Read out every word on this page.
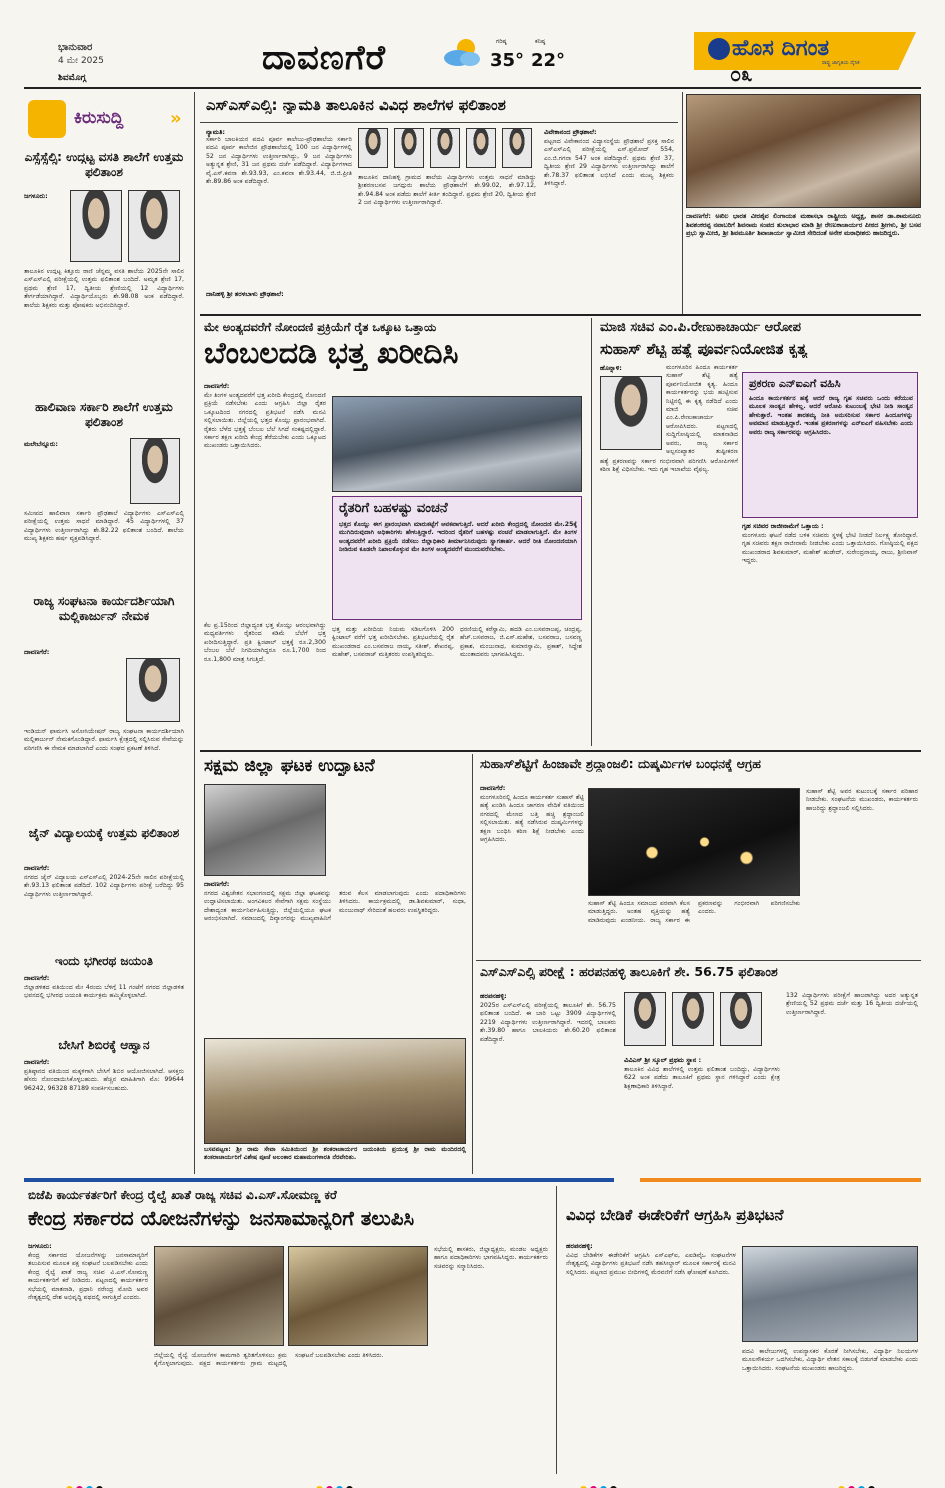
ಭಾನುವಾರ
4 ಮೇ 2025
ಶಿವಮೊಗ್ಗ	ದಾವಣಗೆರೆ	ಗರಿಷ್ಠ
35°
ಕನಿಷ್ಠ
22°	ಹೊಸ ದಿಗಂತ
ರಾಷ್ಟ್ರ ಜಾಗೃತಿಯ ದೈನಿಕ
೦೩
ಕಿರುಸುದ್ದಿ	»
ಎಸ್ಸೆಸ್ಸೆಲ್ಸಿ: ಉದ್ಗಟ್ಟ ವಸತಿ ಶಾಲೆಗೆ ಉತ್ತಮ ಫಲಿತಾಂಶ
ಜಗಳೂರು:
ತಾಲೂಕಿನ ಉದ್ಗಟ್ಟ ಕಿತ್ತೂರು ರಾಣಿ ಚೆನ್ನಮ್ಮ ವಸತಿ ಶಾಲೆಯ 2025ನೇ ಸಾಲಿನ ಎಸ್ಎಸ್ಎಲ್ಸಿ ಪರೀಕ್ಷೆಯಲ್ಲಿ ಉತ್ತಮ ಫಲಿತಾಂಶ ಬಂದಿದೆ. ಅಮೃತ ಶ್ರೇಣಿ 17, ಪ್ರಥಮ ಶ್ರೇಣಿ 17, ದ್ವಿತೀಯ ಶ್ರೇಣಿಯಲ್ಲಿ 12 ವಿದ್ಯಾರ್ಥಿಗಳು ತೇರ್ಗಡೆಯಾಗಿದ್ದಾರೆ. ವಿದ್ಯಾರ್ಥಿಯೊಬ್ಬರು ಶೇ.98.08 ಅಂಕ ಪಡೆದಿದ್ದಾರೆ. ಶಾಲೆಯ ಶಿಕ್ಷಕರು ಮತ್ತು ಪೋಷಕರು ಅಭಿನಂದಿಸಿದ್ದಾರೆ.
ಹಾಲಿವಾಣ ಸರ್ಕಾರಿ ಶಾಲೆಗೆ ಉತ್ತಮ ಫಲಿತಾಂಶ
ಮಲೇಬೆನ್ನೂರು:
ಸಮೀಪದ ಹಾಲಿವಾಣ ಸರ್ಕಾರಿ ಪ್ರೌಢಶಾಲೆ ವಿದ್ಯಾರ್ಥಿಗಳು ಎಸ್ಎಸ್ಎಲ್ಸಿ ಪರೀಕ್ಷೆಯಲ್ಲಿ ಉತ್ತಮ ಸಾಧನೆ ಮಾಡಿದ್ದಾರೆ. 45 ವಿದ್ಯಾರ್ಥಿಗಳಲ್ಲಿ 37 ವಿದ್ಯಾರ್ಥಿಗಳು ಉತ್ತೀರ್ಣರಾಗಿದ್ದು ಶೇ.82.22 ಫಲಿತಾಂಶ ಬಂದಿದೆ. ಶಾಲೆಯ ಮುಖ್ಯ ಶಿಕ್ಷಕರು ಹರ್ಷ ವ್ಯಕ್ತಪಡಿಸಿದ್ದಾರೆ.
ರಾಜ್ಯ ಸಂಘಟನಾ ಕಾರ್ಯದರ್ಶಿಯಾಗಿ ಮಲ್ಲಿಕಾರ್ಜುನ್ ನೇಮಕ
ದಾವಣಗೆರೆ:
ಇಂಡಿಯನ್ ಫಾರ್ಮಸಿ ಅಸೋಸಿಯೇಷನ್ ರಾಜ್ಯ ಸಂಘಟನಾ ಕಾರ್ಯದರ್ಶಿಯಾಗಿ ಮಲ್ಲಿಕಾರ್ಜುನ್ ನೇಮಕಗೊಂಡಿದ್ದಾರೆ. ಫಾರ್ಮಸಿ ಕ್ಷೇತ್ರದಲ್ಲಿ ಸಲ್ಲಿಸಿರುವ ಸೇವೆಯನ್ನು ಪರಿಗಣಿಸಿ ಈ ನೇಮಕ ಮಾಡಲಾಗಿದೆ ಎಂದು ಸಂಘದ ಪ್ರಕಟಣೆ ತಿಳಿಸಿದೆ.
ಜೈನ್ ವಿದ್ಯಾಲಯಕ್ಕೆ ಉತ್ತಮ ಫಲಿತಾಂಶ
ದಾವಣಗೆರೆ:
ನಗರದ ಜೈನ್ ವಿದ್ಯಾಲಯ ಎಸ್ಎಸ್ಎಲ್ಸಿ 2024-25ನೇ ಸಾಲಿನ ಪರೀಕ್ಷೆಯಲ್ಲಿ ಶೇ.93.13 ಫಲಿತಾಂಶ ಪಡೆದಿದೆ. 102 ವಿದ್ಯಾರ್ಥಿಗಳು ಪರೀಕ್ಷೆ ಬರೆದಿದ್ದು 95 ವಿದ್ಯಾರ್ಥಿಗಳು ಉತ್ತೀರ್ಣರಾಗಿದ್ದಾರೆ.
ಇಂದು ಭಗೀರಥ ಜಯಂತಿ
ದಾವಣಗೆರೆ:
ಜಿಲ್ಲಾಡಳಿತದ ವತಿಯಿಂದ ಮೇ 4ರಂದು ಬೆಳಿಗ್ಗೆ 11 ಗಂಟೆಗೆ ನಗರದ ಜಿಲ್ಲಾಡಳಿತ ಭವನದಲ್ಲಿ ಭಗೀರಥ ಜಯಂತಿ ಕಾರ್ಯಕ್ರಮ ಹಮ್ಮಿಕೊಳ್ಳಲಾಗಿದೆ.
ಬೇಸಿಗೆ ಶಿಬಿರಕ್ಕೆ ಆಹ್ವಾನ
ದಾವಣಗೆರೆ:
ಪ್ರತಿಷ್ಠಾನದ ವತಿಯಿಂದ ಮಕ್ಕಳಿಗಾಗಿ ಬೇಸಿಗೆ ಶಿಬಿರ ಆಯೋಜಿಸಲಾಗಿದೆ. ಆಸಕ್ತರು ಹೆಸರು ನೋಂದಾಯಿಸಿಕೊಳ್ಳಬಹುದು. ಹೆಚ್ಚಿನ ಮಾಹಿತಿಗಾಗಿ ಮೊ: 99644 96242, 96328 87189 ಸಂಪರ್ಕಿಸಬಹುದು.
ಎಸ್ಎಸ್ಎಲ್ಸಿ: ನ್ಯಾಮತಿ ತಾಲೂಕಿನ ವಿವಿಧ ಶಾಲೆಗಳ ಫಲಿತಾಂಶ
ನ್ಯಾಮತಿ:
ಸರ್ಕಾರಿ ಬಾಲಕಿಯರ ಪದವಿ ಪೂರ್ವ ಕಾಲೇಜು-ಪ್ರೌಢಶಾಲೆಯ ಸರ್ಕಾರಿ ಪದವಿ ಪೂರ್ವ ಕಾಲೇಜಿನ ಪ್ರೌಢಶಾಲೆಯಲ್ಲಿ 100 ಜನ ವಿದ್ಯಾರ್ಥಿಗಳಲ್ಲಿ 52 ಜನ ವಿದ್ಯಾರ್ಥಿಗಳು ಉತ್ತೀರ್ಣರಾಗಿದ್ದು, 9 ಜನ ವಿದ್ಯಾರ್ಥಿಗಳು ಅತ್ಯುನ್ನತ ಶ್ರೇಣಿ, 31 ಜನ ಪ್ರಥಮ ದರ್ಜೆ ಪಡೆದಿದ್ದಾರೆ. ವಿದ್ಯಾರ್ಥಿಗಳಾದ ವೈ.ಎಸ್.ಕವನಾ ಶೇ.93.93, ಎಂ.ಕವನಾ ಶೇ.93.44, ಜಿ.ಜಿ.ಪ್ರೀತಿ ಶೇ.89.86 ಅಂಕ ಪಡೆದಿದ್ದಾರೆ.
ದಾನಿಹಳ್ಳಿ ಶ್ರೀ ತರಳಬಾಳು ಪ್ರೌಢಶಾಲೆ:
ತಾಲೂಕಿನ ದಾನಿಹಳ್ಳಿ ಗ್ರಾಮದ ಶಾಲೆಯ ವಿದ್ಯಾರ್ಥಿಗಳು ಉತ್ತಮ ಸಾಧನೆ ಮಾಡಿದ್ದು ಶ್ರೀಶರಣಬಸವ ಜಗದ್ಗುರು ಶಾಲೆಯ ಪ್ರೌಢಶಾಲೆಗೆ ಶೇ.99.02, ಶೇ.97.12, ಶೇ.94.84 ಅಂಕ ಪಡೆದು ಶಾಲೆಗೆ ಕೀರ್ತಿ ತಂದಿದ್ದಾರೆ. ಪ್ರಥಮ ಶ್ರೇಣಿ 20, ದ್ವಿತೀಯ ಶ್ರೇಣಿ 2 ಜನ ವಿದ್ಯಾರ್ಥಿಗಳು ಉತ್ತೀರ್ಣರಾಗಿದ್ದಾರೆ.
ವಿವೇಕಾನಂದ ಪ್ರೌಢಶಾಲೆ:
ಪಟ್ಟಣದ ವಿವೇಕಾನಂದ ವಿದ್ಯಾಸಂಸ್ಥೆಯ ಪ್ರೌಢಶಾಲೆ ಪ್ರಸಕ್ತ ಸಾಲಿನ ಎಸ್ಎಸ್ಎಲ್ಸಿ ಪರೀಕ್ಷೆಯಲ್ಲಿ ಎಸ್.ಪ್ರಮೋದ್ 554, ಎಂ.ಜಿ.ಗಗನಾ 547 ಅಂಕ ಪಡೆದಿದ್ದಾರೆ. ಪ್ರಥಮ ಶ್ರೇಣಿ 37, ದ್ವಿತೀಯ ಶ್ರೇಣಿ 29 ವಿದ್ಯಾರ್ಥಿಗಳು ಉತ್ತೀರ್ಣರಾಗಿದ್ದು ಶಾಲೆಗೆ ಶೇ.78.37 ಫಲಿತಾಂಶ ಲಭಿಸಿದೆ ಎಂದು ಮುಖ್ಯ ಶಿಕ್ಷಕರು ತಿಳಿಸಿದ್ದಾರೆ.
ದಾವಣಗೆರೆ: ಅಖಿಲ ಭಾರತ ವೀರಶೈವ ಲಿಂಗಾಯತ ಮಹಾಸಭಾ ರಾಷ್ಟ್ರೀಯ ಅಧ್ಯಕ್ಷ, ಶಾಸಕ ಡಾ.ಶಾಮನೂರು ಶಿವಶಂಕರಪ್ಪ ನವಾಬರಿಗೆ ಶಿವನಾಮ ಸಂಪದ ತುಲಾಭಾರ ಮಾಡಿ ಶ್ರೀ ರೇಣುಕಾಚಾರ್ಯರ ಪೀಠದ ಶ್ರೀಗಳು, ಶ್ರೀ ಬಸವ ಪ್ರಭು ಸ್ವಾಮೀಜಿ, ಶ್ರೀ ಶಿವಮೂರ್ತಿ ಶಿವಾಚಾರ್ಯ ಸ್ವಾಮೀಜಿ ಸೇರಿದಂತೆ ಅನೇಕ ಮಠಾಧೀಶರು ಹಾಜರಿದ್ದರು.
ಮೇ ಅಂತ್ಯದವರೆಗೆ ನೋಂದಣಿ ಪ್ರಕ್ರಿಯೆಗೆ ರೈತ ಒಕ್ಕೂಟ ಒತ್ತಾಯ
ಬೆಂಬಲದಡಿ ಭತ್ತ ಖರೀದಿಸಿ
ದಾವಣಗೆರೆ:
ಮೇ ತಿಂಗಳ ಅಂತ್ಯದವರೆಗೆ ಭತ್ತ ಖರೀದಿ ಕೇಂದ್ರದಲ್ಲಿ ನೋಂದಣಿ ಪ್ರಕ್ರಿಯೆ ನಡೆಸಬೇಕು ಎಂದು ಆಗ್ರಹಿಸಿ ಜಿಲ್ಲಾ ರೈತರ ಒಕ್ಕೂಟದಿಂದ ನಗರದಲ್ಲಿ ಪ್ರತಿಭಟನೆ ನಡೆಸಿ ಮನವಿ ಸಲ್ಲಿಸಲಾಯಿತು. ಜಿಲ್ಲೆಯಲ್ಲಿ ಭತ್ತದ ಕೊಯ್ಲು ಪ್ರಾರಂಭವಾಗಿದೆ. ರೈತರು ಬೆಳೆದ ಭತ್ತಕ್ಕೆ ಬೆಂಬಲ ಬೆಲೆ ಸಿಗದೆ ಸಂಕಷ್ಟದಲ್ಲಿದ್ದಾರೆ. ಸರ್ಕಾರ ತಕ್ಷಣ ಖರೀದಿ ಕೇಂದ್ರ ತೆರೆಯಬೇಕು ಎಂದು ಒಕ್ಕೂಟದ ಮುಖಂಡರು ಒತ್ತಾಯಿಸಿದರು.
ರೈತರಿಗೆ ಬಹಳಷ್ಟು ವಂಚನೆ
ಭತ್ತದ ಕೊಯ್ಲು ಈಗ ಪ್ರಾರಂಭವಾಗಿ ಮಾರುಕಟ್ಟೆಗೆ ಆವಕವಾಗುತ್ತಿದೆ. ಆದರೆ ಖರೀದಿ ಕೇಂದ್ರದಲ್ಲಿ ನೋಂದಣಿ ಮೇ.25ಕ್ಕೆ ಮುಗಿದಿರುವುದಾಗಿ ಅಧಿಕಾರಿಗಳು ಹೇಳುತ್ತಿದ್ದಾರೆ. ಇದರಿಂದ ರೈತರಿಗೆ ಬಹಳಷ್ಟು ವಂಚನೆ ಮಾಡಲಾಗುತ್ತಿದೆ. ಮೇ ತಿಂಗಳ ಅಂತ್ಯದವರೆಗೆ ಖರೀದಿ ಪ್ರಕ್ರಿಯೆ ನಡೆಸಲು ಜಿಲ್ಲಾಧಿಕಾರಿ ತೀರ್ಮಾನಿಸಿರುವುದು ಸ್ವಾಗತಾರ್ಹ. ಆದರೆ ರೀತಿ ನೋಂದಣಿಯಾಗಿ ನೀಡಿರುವ ಕೂಡಲೇ ನಿಖಾಲಕೊಳ್ಳುವ ಮೇ ತಿಂಗಳ ಅಂತ್ಯದವರೆಗೆ ಮುಂದುವರೆಸಬೇಕು.
ಕೆಲ ಪ್ರ.15ರಿಂದ ಜಿಲ್ಲಾದ್ಯಂತ ಭತ್ತ ಕೊಯ್ಲು ಆರಂಭವಾಗಿದ್ದು ಮಧ್ಯವರ್ತಿಗಳು ರೈತರಿಂದ ಕಡಿಮೆ ಬೆಲೆಗೆ ಭತ್ತ ಖರೀದಿಸುತ್ತಿದ್ದಾರೆ. ಪ್ರತಿ ಕ್ವಿಂಟಾಲ್ ಭತ್ತಕ್ಕೆ ರೂ.2,300 ಬೆಂಬಲ ಬೆಲೆ ನಿಗದಿಯಾಗಿದ್ದರೂ ರೂ.1,700 ರಿಂದ ರೂ.1,800 ಮಾತ್ರ ಸಿಗುತ್ತಿದೆ.
ಭತ್ತ ಮತ್ತು ಖರೀದಿಯ ನಿಯಮ ಸಡಿಲಗೊಳಿಸಿ 200 ಕ್ವಿಂಟಾಲ್ ವರೆಗೆ ಭತ್ತ ಖರೀದಿಸಬೇಕು. ಪ್ರತಿಭಟನೆಯಲ್ಲಿ ರೈತ ಮುಖಂಡರಾದ ಎಂ.ಬಸವರಾಜ ನಾಯ್ಕ, ಸತೀಶ್, ಶೇಖರಪ್ಪ, ಮಹೇಶ್, ಬಸವರಾಜ್ ಮತ್ತಿತರರು ಉಪಸ್ಥಿತರಿದ್ದರು.
ಧರಣಿಯಲ್ಲಿ ಕರೆಸ್ವಾಮಿ, ಹದಡಿ ಎಂ.ಬಸವರಾಜಪ್ಪ, ಚಂದ್ರಪ್ಪ, ಹೆಚ್.ಬಸವರಾಜ, ಜಿ.ಎಸ್.ಮಹೇಶ, ಬಸವರಾಜ, ಬಸವಣ್ಣ ಪ್ರಕಾಶ, ಮಂಜುನಾಥ, ಕುಮಾರಸ್ವಾಮಿ, ಪ್ರಕಾಶ್, ಸಿದ್ದೇಶ ಮುಂತಾದವರು ಭಾಗವಹಿಸಿದ್ದರು.
ಮಾಜಿ ಸಚಿವ ಎಂ.ಪಿ.ರೇಣುಕಾಚಾರ್ಯ ಆರೋಪ
ಸುಹಾಸ್ ಶೆಟ್ಟಿ ಹತ್ಯೆ ಪೂರ್ವನಿಯೋಜಿತ ಕೃತ್ಯ
ಹೊನ್ನಾಳಿ:	ಮಂಗಳೂರಿನ ಹಿಂದೂ ಕಾರ್ಯಕರ್ತ ಸುಹಾಸ್ ಶೆಟ್ಟಿ ಹತ್ಯೆ ಪೂರ್ವನಿಯೋಜಿತ ಕೃತ್ಯ. ಹಿಂದೂ ಕಾರ್ಯಕರ್ತರನ್ನು ಭಯ ಹುಟ್ಟಿಸುವ ನಿಟ್ಟಿನಲ್ಲಿ ಈ ಕೃತ್ಯ ನಡೆದಿದೆ ಎಂದು ಮಾಜಿ ಸಚಿವ ಎಂ.ಪಿ.ರೇಣುಕಾಚಾರ್ಯ ಆರೋಪಿಸಿದರು. ಪಟ್ಟಣದಲ್ಲಿ ಸುದ್ದಿಗೋಷ್ಠಿಯಲ್ಲಿ ಮಾತನಾಡಿದ ಅವರು, ರಾಜ್ಯ ಸರ್ಕಾರ ಅಲ್ಪಸಂಖ್ಯಾತರ ತುಷ್ಟೀಕರಣ
ಪ್ರಕರಣ ಎನ್ಐಎಗೆ ವಹಿಸಿ
ಹಿಂದೂ ಕಾರ್ಯಕರ್ತನ ಹತ್ಯೆ ಆದರೆ ರಾಜ್ಯ ಗೃಹ ಸಚಿವರು ಒಂದು ಕರೆಯುವ ಮೂಲಕ ಸಾಂತ್ವನ ಹೇಳಿಲ್ಲ. ಆದರೆ ಆರೋಪಿ ಕುಟುಂಬಕ್ಕೆ ಭೇಟಿ ನೀಡಿ ಸಾಂತ್ವನ ಹೇಳುತ್ತಾರೆ. ಇಂತಹ ತಾರತಮ್ಯ ನೀತಿ ಅನುಸರಿಸುವ ಸರ್ಕಾರ ಹಿಂದೂಗಳನ್ನು ಅವಮಾನ ಮಾಡುತ್ತಿದ್ದಾರೆ. ಇಂತಹ ಪ್ರಕರಣಗಳನ್ನು ಎನ್ಐಎಗೆ ವಹಿಸಬೇಕು ಎಂದು ಅವರು ರಾಜ್ಯ ಸರ್ಕಾರವನ್ನು ಆಗ್ರಹಿಸಿದರು.
ಹತ್ಯೆ ಪ್ರಕರಣವನ್ನು ಸರ್ಕಾರ ಗಂಭೀರವಾಗಿ ಪರಿಗಣಿಸಿ ಆರೋಪಿಗಳಿಗೆ ಕಠಿಣ ಶಿಕ್ಷೆ ವಿಧಿಸಬೇಕು. ಇದು ಗೃಹ ಇಲಾಖೆಯ ವೈಫಲ್ಯ.
ಗೃಹ ಸಚಿವರ ರಾಜೀನಾಮೆಗೆ ಒತ್ತಾಯ :
ಮಂಗಳೂರು ಘಟನೆ ನಡೆದ ಬಳಿಕ ಸಚಿವರು ಸ್ಥಳಕ್ಕೆ ಭೇಟಿ ನೀಡದೆ ನಿರ್ಲಕ್ಷ್ಯ ತೋರಿದ್ದಾರೆ. ಗೃಹ ಸಚಿವರು ತಕ್ಷಣ ರಾಜೀನಾಮೆ ನೀಡಬೇಕು ಎಂದು ಒತ್ತಾಯಿಸಿದರು. ಗೋಷ್ಠಿಯಲ್ಲಿ ಪಕ್ಷದ ಮುಖಂಡರಾದ ಶಿವಕುಮಾರ್, ಮಹೇಶ್ ಹುಡೇದ್, ಸುರೇಂದ್ರನಾಯ್ಕ, ರಾಜು, ಶ್ರೀನಿವಾಸ್ ಇದ್ದರು.
ಸಕ್ಷಮ ಜಿಲ್ಲಾ ಘಟಕ ಉದ್ಘಾಟನೆ
ದಾವಣಗೆರೆ:
ನಗರದ ವಿಶ್ವಚೇತನ ಸಭಾಂಗಣದಲ್ಲಿ ಸಕ್ಷಮ ಜಿಲ್ಲಾ ಘಟಕವನ್ನು ಉದ್ಘಾಟಿಸಲಾಯಿತು. ಅಂಗವಿಕಲರ ಸೇವೆಗಾಗಿ ಸಕ್ಷಮ ಸಂಸ್ಥೆಯು ದೇಶಾದ್ಯಂತ ಕಾರ್ಯನಿರ್ವಹಿಸುತ್ತಿದ್ದು, ಜಿಲ್ಲೆಯಲ್ಲಿಯೂ ಘಟಕ ಆರಂಭಿಸಲಾಗಿದೆ. ಸಮಾಜದಲ್ಲಿ ದಿವ್ಯಾಂಗರನ್ನು ಮುಖ್ಯವಾಹಿನಿಗೆ ತರುವ ಕೆಲಸ ಮಾಡಲಾಗುವುದು ಎಂದು ಪದಾಧಿಕಾರಿಗಳು ತಿಳಿಸಿದರು. ಕಾರ್ಯಕ್ರಮದಲ್ಲಿ ಡಾ.ಶಿವಕುಮಾರ್, ಸುಧಾ, ಮಂಜುನಾಥ್ ಸೇರಿದಂತೆ ಹಲವರು ಉಪಸ್ಥಿತರಿದ್ದರು.
ಬಸವಪಟ್ಟಣ: ಶ್ರೀ ರಾಮ ಸೇವಾ ಸಮಿತಿಯಿಂದ ಶ್ರೀ ಶಂಕರಾಚಾರ್ಯರ ಜಯಂತಿಯ ಪ್ರಯುಕ್ತ ಶ್ರೀ ರಾಮ ಮಂದಿರದಲ್ಲಿ ಶಂಕರಾಚಾರ್ಯರಿಗೆ ವಿಶೇಷ ಪೂಜೆ ಅಲಂಕಾರ ಮಹಾಮಂಗಳಾರತಿ ನೆರವೇರಿತು.
ಸುಹಾಸ್‌ಶೆಟ್ಟಿಗೆ ಹಿಂಜಾವೇ ಶ್ರದ್ಧಾಂಜಲಿ: ದುಷ್ಕರ್ಮಿಗಳ ಬಂಧನಕ್ಕೆ ಆಗ್ರಹ
ದಾವಣಗೆರೆ:
ಮಂಗಳೂರಿನಲ್ಲಿ ಹಿಂದೂ ಕಾರ್ಯಕರ್ತ ಸುಹಾಸ್ ಶೆಟ್ಟಿ ಹತ್ಯೆ ಖಂಡಿಸಿ ಹಿಂದೂ ಜಾಗರಣ ವೇದಿಕೆ ವತಿಯಿಂದ ನಗರದಲ್ಲಿ ಮೇಣದ ಬತ್ತಿ ಹಚ್ಚಿ ಶ್ರದ್ಧಾಂಜಲಿ ಸಲ್ಲಿಸಲಾಯಿತು. ಹತ್ಯೆ ನಡೆಸಿರುವ ದುಷ್ಕರ್ಮಿಗಳನ್ನು ತಕ್ಷಣ ಬಂಧಿಸಿ ಕಠಿಣ ಶಿಕ್ಷೆ ನೀಡಬೇಕು ಎಂದು ಆಗ್ರಹಿಸಿದರು.
ಸುಹಾಸ್ ಶೆಟ್ಟಿ ಹಿಂದೂ ಸಮಾಜದ ಪರವಾಗಿ ಕೆಲಸ ಮಾಡುತ್ತಿದ್ದರು. ಅಂತಹ ವ್ಯಕ್ತಿಯನ್ನು ಹತ್ಯೆ ಮಾಡಿರುವುದು ಖಂಡನೀಯ. ರಾಜ್ಯ ಸರ್ಕಾರ ಈ ಪ್ರಕರಣವನ್ನು ಗಂಭೀರವಾಗಿ ಪರಿಗಣಿಸಬೇಕು ಎಂದರು.
ಸುಹಾಸ್ ಶೆಟ್ಟಿ ಅವರ ಕುಟುಂಬಕ್ಕೆ ಸರ್ಕಾರ ಪರಿಹಾರ ನೀಡಬೇಕು. ಸಂಘಟನೆಯ ಮುಖಂಡರು, ಕಾರ್ಯಕರ್ತರು ಹಾಜರಿದ್ದು ಶ್ರದ್ಧಾಂಜಲಿ ಸಲ್ಲಿಸಿದರು.
ಎಸ್ಎಸ್ಎಲ್ಸಿ ಪರೀಕ್ಷೆ : ಹರಪನಹಳ್ಳಿ ತಾಲೂಕಿಗೆ ಶೇ. 56.75 ಫಲಿತಾಂಶ
ಹರಪನಹಳ್ಳಿ:
2025ರ ಎಸ್ಎಸ್ಎಲ್ಸಿ ಪರೀಕ್ಷೆಯಲ್ಲಿ ತಾಲೂಕಿಗೆ ಶೇ. 56.75 ಫಲಿತಾಂಶ ಬಂದಿದೆ. ಈ ಬಾರಿ ಒಟ್ಟು 3909 ವಿದ್ಯಾರ್ಥಿಗಳಲ್ಲಿ 2219 ವಿದ್ಯಾರ್ಥಿಗಳು ಉತ್ತೀರ್ಣರಾಗಿದ್ದಾರೆ. ಇದರಲ್ಲಿ ಬಾಲಕರು ಶೇ.39.80 ಹಾಗೂ ಬಾಲಕಿಯರು ಶೇ.60.20 ಫಲಿತಾಂಶ ಪಡೆದಿದ್ದಾರೆ.
ವಿವಿಎಸ್ ಶ್ರೀ ಸ್ಕೂಲ್ ಪ್ರಥಮ ಸ್ಥಾನ :
ತಾಲೂಕಿನ ವಿವಿಧ ಶಾಲೆಗಳಲ್ಲಿ ಉತ್ತಮ ಫಲಿತಾಂಶ ಬಂದಿದ್ದು, ವಿದ್ಯಾರ್ಥಿಗಳು 622 ಅಂಕ ಪಡೆದು ತಾಲೂಕಿಗೆ ಪ್ರಥಮ ಸ್ಥಾನ ಗಳಿಸಿದ್ದಾರೆ ಎಂದು ಕ್ಷೇತ್ರ ಶಿಕ್ಷಣಾಧಿಕಾರಿ ತಿಳಿಸಿದ್ದಾರೆ.
132 ವಿದ್ಯಾರ್ಥಿಗಳು ಪರೀಕ್ಷೆಗೆ ಹಾಜರಾಗಿದ್ದು ಅದರ ಅತ್ಯುನ್ನತ ಶ್ರೇಣಿಯಲ್ಲಿ 52 ಪ್ರಥಮ ದರ್ಜೆ ಮತ್ತು 16 ದ್ವಿತೀಯ ದರ್ಜೆಯಲ್ಲಿ ಉತ್ತೀರ್ಣರಾಗಿದ್ದಾರೆ.
ಬಿಜೆಪಿ ಕಾರ್ಯಕರ್ತರಿಗೆ ಕೇಂದ್ರ ರೈಲ್ವೆ ಖಾತೆ ರಾಜ್ಯ ಸಚಿವ ವಿ.ಎಸ್.ಸೋಮಣ್ಣ ಕರೆ
ಕೇಂದ್ರ ಸರ್ಕಾರದ ಯೋಜನೆಗಳನ್ನು ಜನಸಾಮಾನ್ಯರಿಗೆ ತಲುಪಿಸಿ
ಜಗಳೂರು:
ಕೇಂದ್ರ ಸರ್ಕಾರದ ಯೋಜನೆಗಳನ್ನು ಜನಸಾಮಾನ್ಯರಿಗೆ ತಲುಪಿಸುವ ಮೂಲಕ ಪಕ್ಷ ಸಂಘಟನೆ ಬಲಪಡಿಸಬೇಕು ಎಂದು ಕೇಂದ್ರ ರೈಲ್ವೆ ಖಾತೆ ರಾಜ್ಯ ಸಚಿವ ವಿ.ಎಸ್.ಸೋಮಣ್ಣ ಕಾರ್ಯಕರ್ತರಿಗೆ ಕರೆ ನೀಡಿದರು. ಪಟ್ಟಣದಲ್ಲಿ ಕಾರ್ಯಕರ್ತರ ಸಭೆಯಲ್ಲಿ ಮಾತನಾಡಿ, ಪ್ರಧಾನಿ ನರೇಂದ್ರ ಮೋದಿ ಅವರ ನೇತೃತ್ವದಲ್ಲಿ ದೇಶ ಅಭಿವೃದ್ಧಿ ಪಥದಲ್ಲಿ ಸಾಗುತ್ತಿದೆ ಎಂದರು.
ಜಿಲ್ಲೆಯಲ್ಲಿ ರೈಲ್ವೆ ಯೋಜನೆಗಳ ಕಾಮಗಾರಿ ತ್ವರಿತಗೊಳಿಸಲು ಕ್ರಮ ಕೈಗೊಳ್ಳಲಾಗುವುದು. ಪಕ್ಷದ ಕಾರ್ಯಕರ್ತರು ಗ್ರಾಮ ಮಟ್ಟದಲ್ಲಿ ಸಂಘಟನೆ ಬಲಪಡಿಸಬೇಕು ಎಂದು ತಿಳಿಸಿದರು.
ಸಭೆಯಲ್ಲಿ ಶಾಸಕರು, ಜಿಲ್ಲಾಧ್ಯಕ್ಷರು, ಮಂಡಲ ಅಧ್ಯಕ್ಷರು ಹಾಗೂ ಪದಾಧಿಕಾರಿಗಳು ಭಾಗವಹಿಸಿದ್ದರು. ಕಾರ್ಯಕರ್ತರು ಸಚಿವರನ್ನು ಸನ್ಮಾನಿಸಿದರು.
ವಿವಿಧ ಬೇಡಿಕೆ ಈಡೇರಿಕೆಗೆ ಆಗ್ರಹಿಸಿ ಪ್ರತಿಭಟನೆ
ಹರಪನಹಳ್ಳಿ:
ವಿವಿಧ ಬೇಡಿಕೆಗಳ ಈಡೇರಿಕೆಗೆ ಆಗ್ರಹಿಸಿ ಎಸ್ಎಫ್ಐ, ಎಐಡಿವೈಒ ಸಂಘಟನೆಗಳ ನೇತೃತ್ವದಲ್ಲಿ ವಿದ್ಯಾರ್ಥಿಗಳು ಪ್ರತಿಭಟನೆ ನಡೆಸಿ ತಹಸೀಲ್ದಾರ್ ಮೂಲಕ ಸರ್ಕಾರಕ್ಕೆ ಮನವಿ ಸಲ್ಲಿಸಿದರು. ಪಟ್ಟಣದ ಪ್ರಮುಖ ಬೀದಿಗಳಲ್ಲಿ ಮೆರವಣಿಗೆ ನಡೆಸಿ ಘೋಷಣೆ ಕೂಗಿದರು.
ಪದವಿ ಕಾಲೇಜುಗಳಲ್ಲಿ ಉಪನ್ಯಾಸಕರ ಕೊರತೆ ನೀಗಿಸಬೇಕು, ವಿದ್ಯಾರ್ಥಿ ನಿಲಯಗಳ ಮೂಲಸೌಕರ್ಯ ಒದಗಿಸಬೇಕು, ವಿದ್ಯಾರ್ಥಿ ವೇತನ ಸಕಾಲಕ್ಕೆ ಬಿಡುಗಡೆ ಮಾಡಬೇಕು ಎಂದು ಒತ್ತಾಯಿಸಿದರು. ಸಂಘಟನೆಯ ಮುಖಂಡರು ಹಾಜರಿದ್ದರು.
